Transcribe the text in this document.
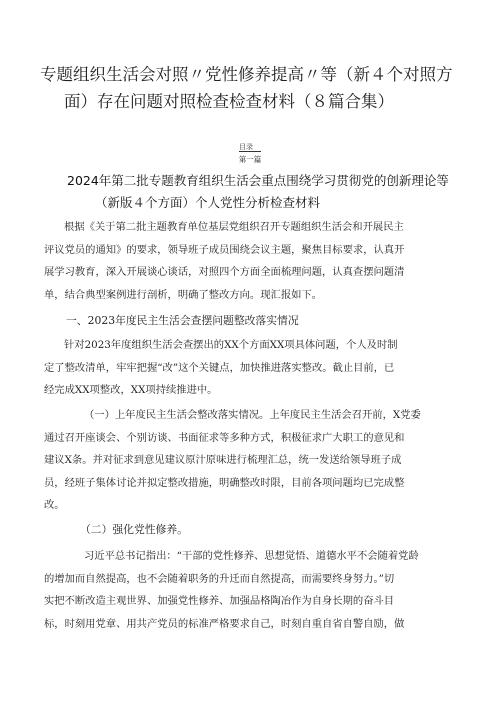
专题组织生活会对照〃党性修养提高〃等（新４个对照方
面）存在问题对照检查检查材料（８篇合集）
目录
第一篇
2024年第二批专题教育组织生活会重点围绕学习贯彻党的创新理论等
（新版４个方面）个人党性分析检查材料
根据《关于第二批主题教育单位基层党组织召开专题组织生活会和开展民主
评议党员的通知》的要求，领导班子成员围绕会议主题，聚焦目标要求，认真开
展学习教育，深入开展谈心谈话，对照四个方面全面梳理问题，认真查摆问题清
单，结合典型案例进行剖析，明确了整改方向。现汇报如下。
一、2023年度民主生活会查摆问题整改落实情况
针对2023年度组织生活会查摆出的XX个方面XX项具体问题，个人及时制
定了整改清单，牢牢把握“改”这个关键点，加快推进落实整改。截止目前，已
经完成XX项整改，XX项持续推进中。
（一）上年度民主生活会整改落实情况。上年度民主生活会召开前，X党委
通过召开座谈会、个别访谈、书面征求等多种方式，积极征求广大职工的意见和
建议X条。并对征求到意见建议原汁原味进行梳理汇总，统一发送给领导班子成
员，经班子集体讨论并拟定整改措施，明确整改时限，目前各项问题均已完成整
改。
（二）强化党性修养。
习近平总书记指出：“干部的党性修养、思想觉悟、道德水平不会随着党龄
的增加而自然提高，也不会随着职务的升迁而自然提高，而需要终身努力。”切
实把不断改造主观世界、加强党性修养、加强品格陶冶作为自身长期的奋斗目
标，时刻用党章、用共产党员的标准严格要求自己，时刻自重自省自警自励，做
